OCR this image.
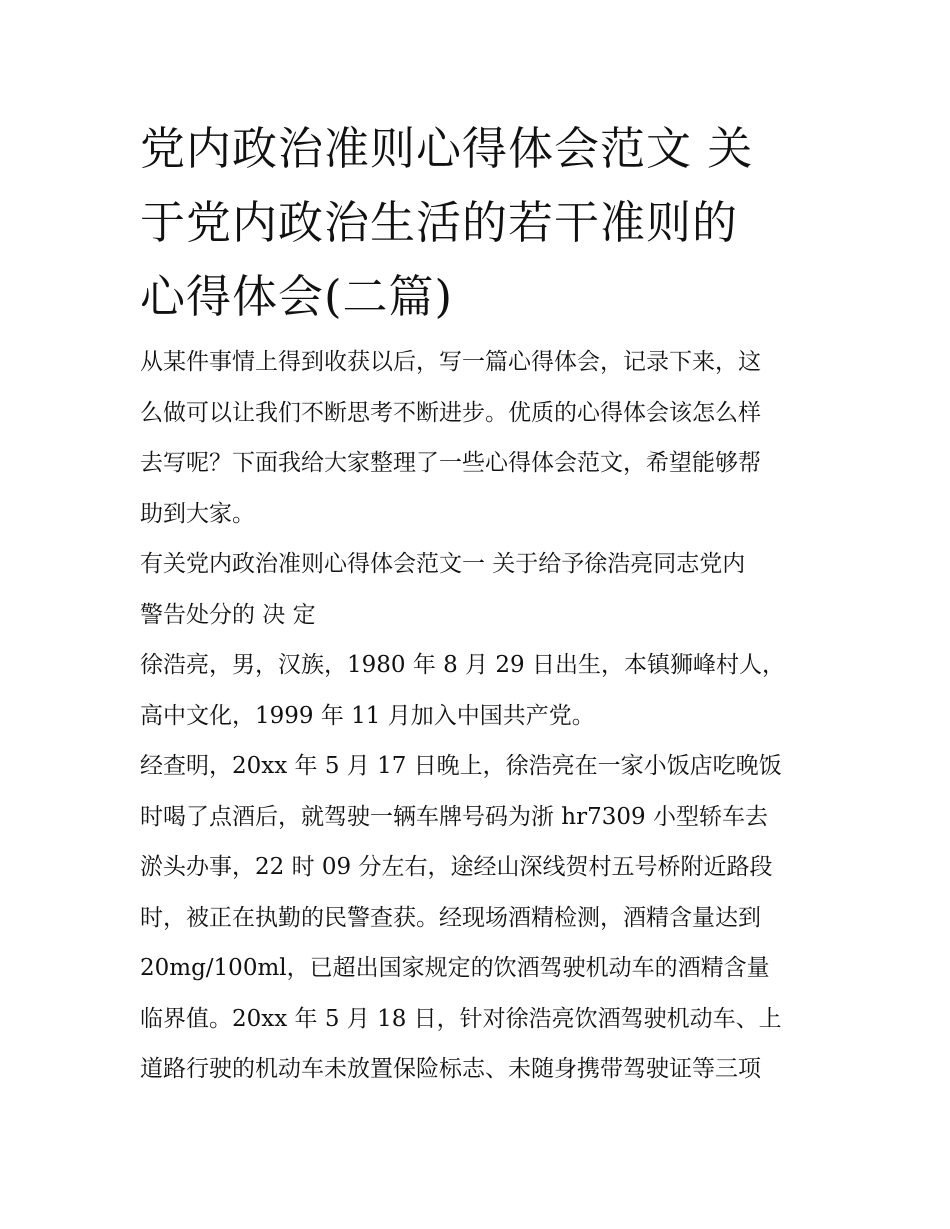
党内政治准则心得体会范文 关
于党内政治生活的若干准则的
心得体会(二篇)

从某件事情上得到收获以后，写一篇心得体会，记录下来，这
么做可以让我们不断思考不断进步。优质的心得体会该怎么样
去写呢？下面我给大家整理了一些心得体会范文，希望能够帮
助到大家。

有关党内政治准则心得体会范文一 关于给予徐浩亮同志党内
警告处分的 决 定

徐浩亮，男，汉族，1980 年 8 月 29 日出生，本镇狮峰村人，
高中文化，1999 年 11 月加入中国共产党。

经查明，20xx 年 5 月 17 日晚上，徐浩亮在一家小饭店吃晚饭
时喝了点酒后，就驾驶一辆车牌号码为浙 hr7309 小型轿车去
淤头办事，22 时 09 分左右，途经山深线贺村五号桥附近路段
时，被正在执勤的民警查获。经现场酒精检测，酒精含量达到
20mg/100ml，已超出国家规定的饮酒驾驶机动车的酒精含量
临界值。20xx 年 5 月 18 日，针对徐浩亮饮酒驾驶机动车、上
道路行驶的机动车未放置保险标志、未随身携带驾驶证等三项
